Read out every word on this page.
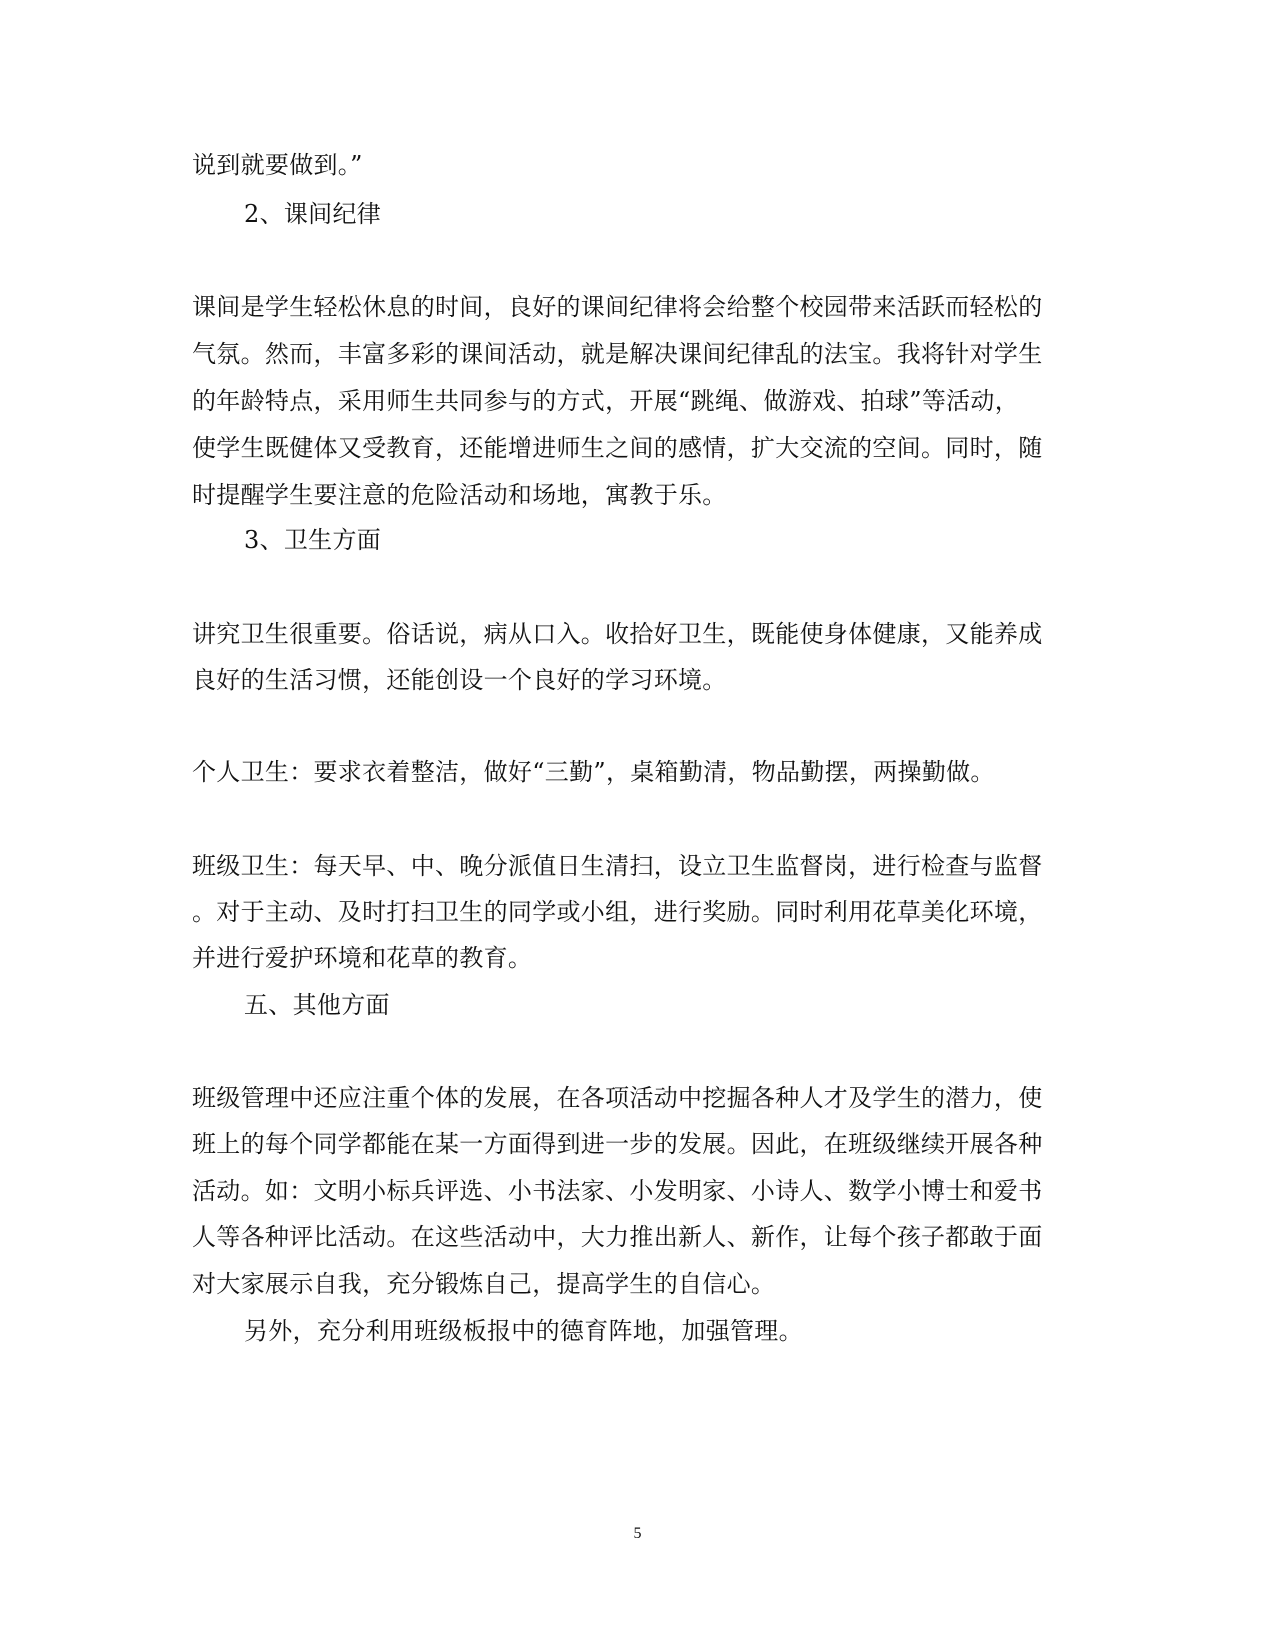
说到就要做到。”
2、课间纪律
课间是学生轻松休息的时间，良好的课间纪律将会给整个校园带来活跃而轻松的
气氛。然而，丰富多彩的课间活动，就是解决课间纪律乱的法宝。我将针对学生
的年龄特点，采用师生共同参与的方式，开展“跳绳、做游戏、拍球”等活动，
使学生既健体又受教育，还能增进师生之间的感情，扩大交流的空间。同时，随
时提醒学生要注意的危险活动和场地，寓教于乐。
3、卫生方面
讲究卫生很重要。俗话说，病从口入。收拾好卫生，既能使身体健康，又能养成
良好的生活习惯，还能创设一个良好的学习环境。
个人卫生：要求衣着整洁，做好“三勤”，桌箱勤清，物品勤摆，两操勤做。
班级卫生：每天早、中、晚分派值日生清扫，设立卫生监督岗，进行检查与监督
。对于主动、及时打扫卫生的同学或小组，进行奖励。同时利用花草美化环境，
并进行爱护环境和花草的教育。
五、其他方面
班级管理中还应注重个体的发展，在各项活动中挖掘各种人才及学生的潜力，使
班上的每个同学都能在某一方面得到进一步的发展。因此，在班级继续开展各种
活动。如：文明小标兵评选、小书法家、小发明家、小诗人、数学小博士和爱书
人等各种评比活动。在这些活动中，大力推出新人、新作，让每个孩子都敢于面
对大家展示自我，充分锻炼自己，提高学生的自信心。
另外，充分利用班级板报中的德育阵地，加强管理。
5
